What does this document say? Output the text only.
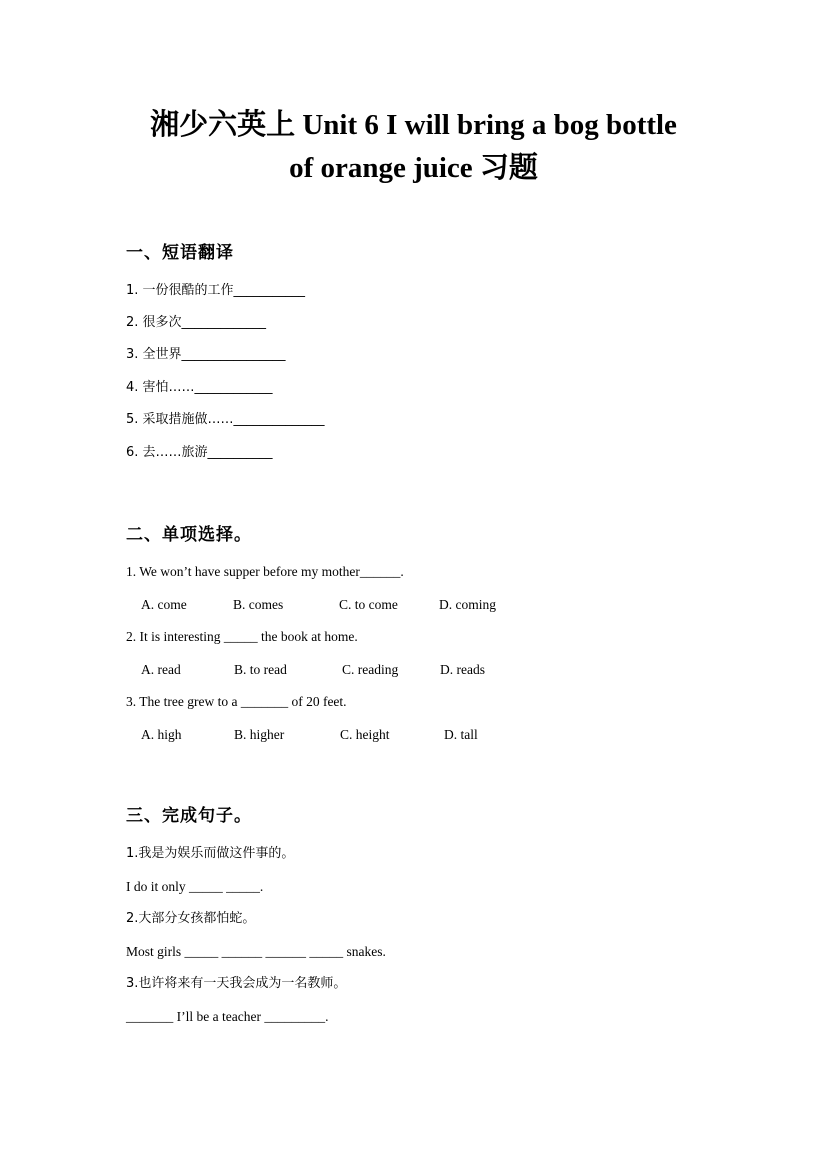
湘少六英上 Unit 6 I will bring a bog bottle
of orange juice 习题
一、短语翻译
1. 一份很酷的工作___________
2. 很多次_____________
3. 全世界________________
4. 害怕……____________
5. 采取措施做……______________
6. 去……旅游__________
二、单项选择。
1. We won’t have supper before my mother______.
A. come	B. comes	C. to come	D. coming
2. It is interesting _____ the book at home.
A. read	B. to read	C. reading	D. reads
3. The tree grew to a _______ of 20 feet.
A. high	B. higher	C. height	D. tall
三、完成句子。
1.我是为娱乐而做这件事的。
I do it only _____ _____.
2.大部分女孩都怕蛇。
Most girls _____ ______ ______ _____ snakes.
3.也许将来有一天我会成为一名教师。
_______ I’ll be a teacher _________.
